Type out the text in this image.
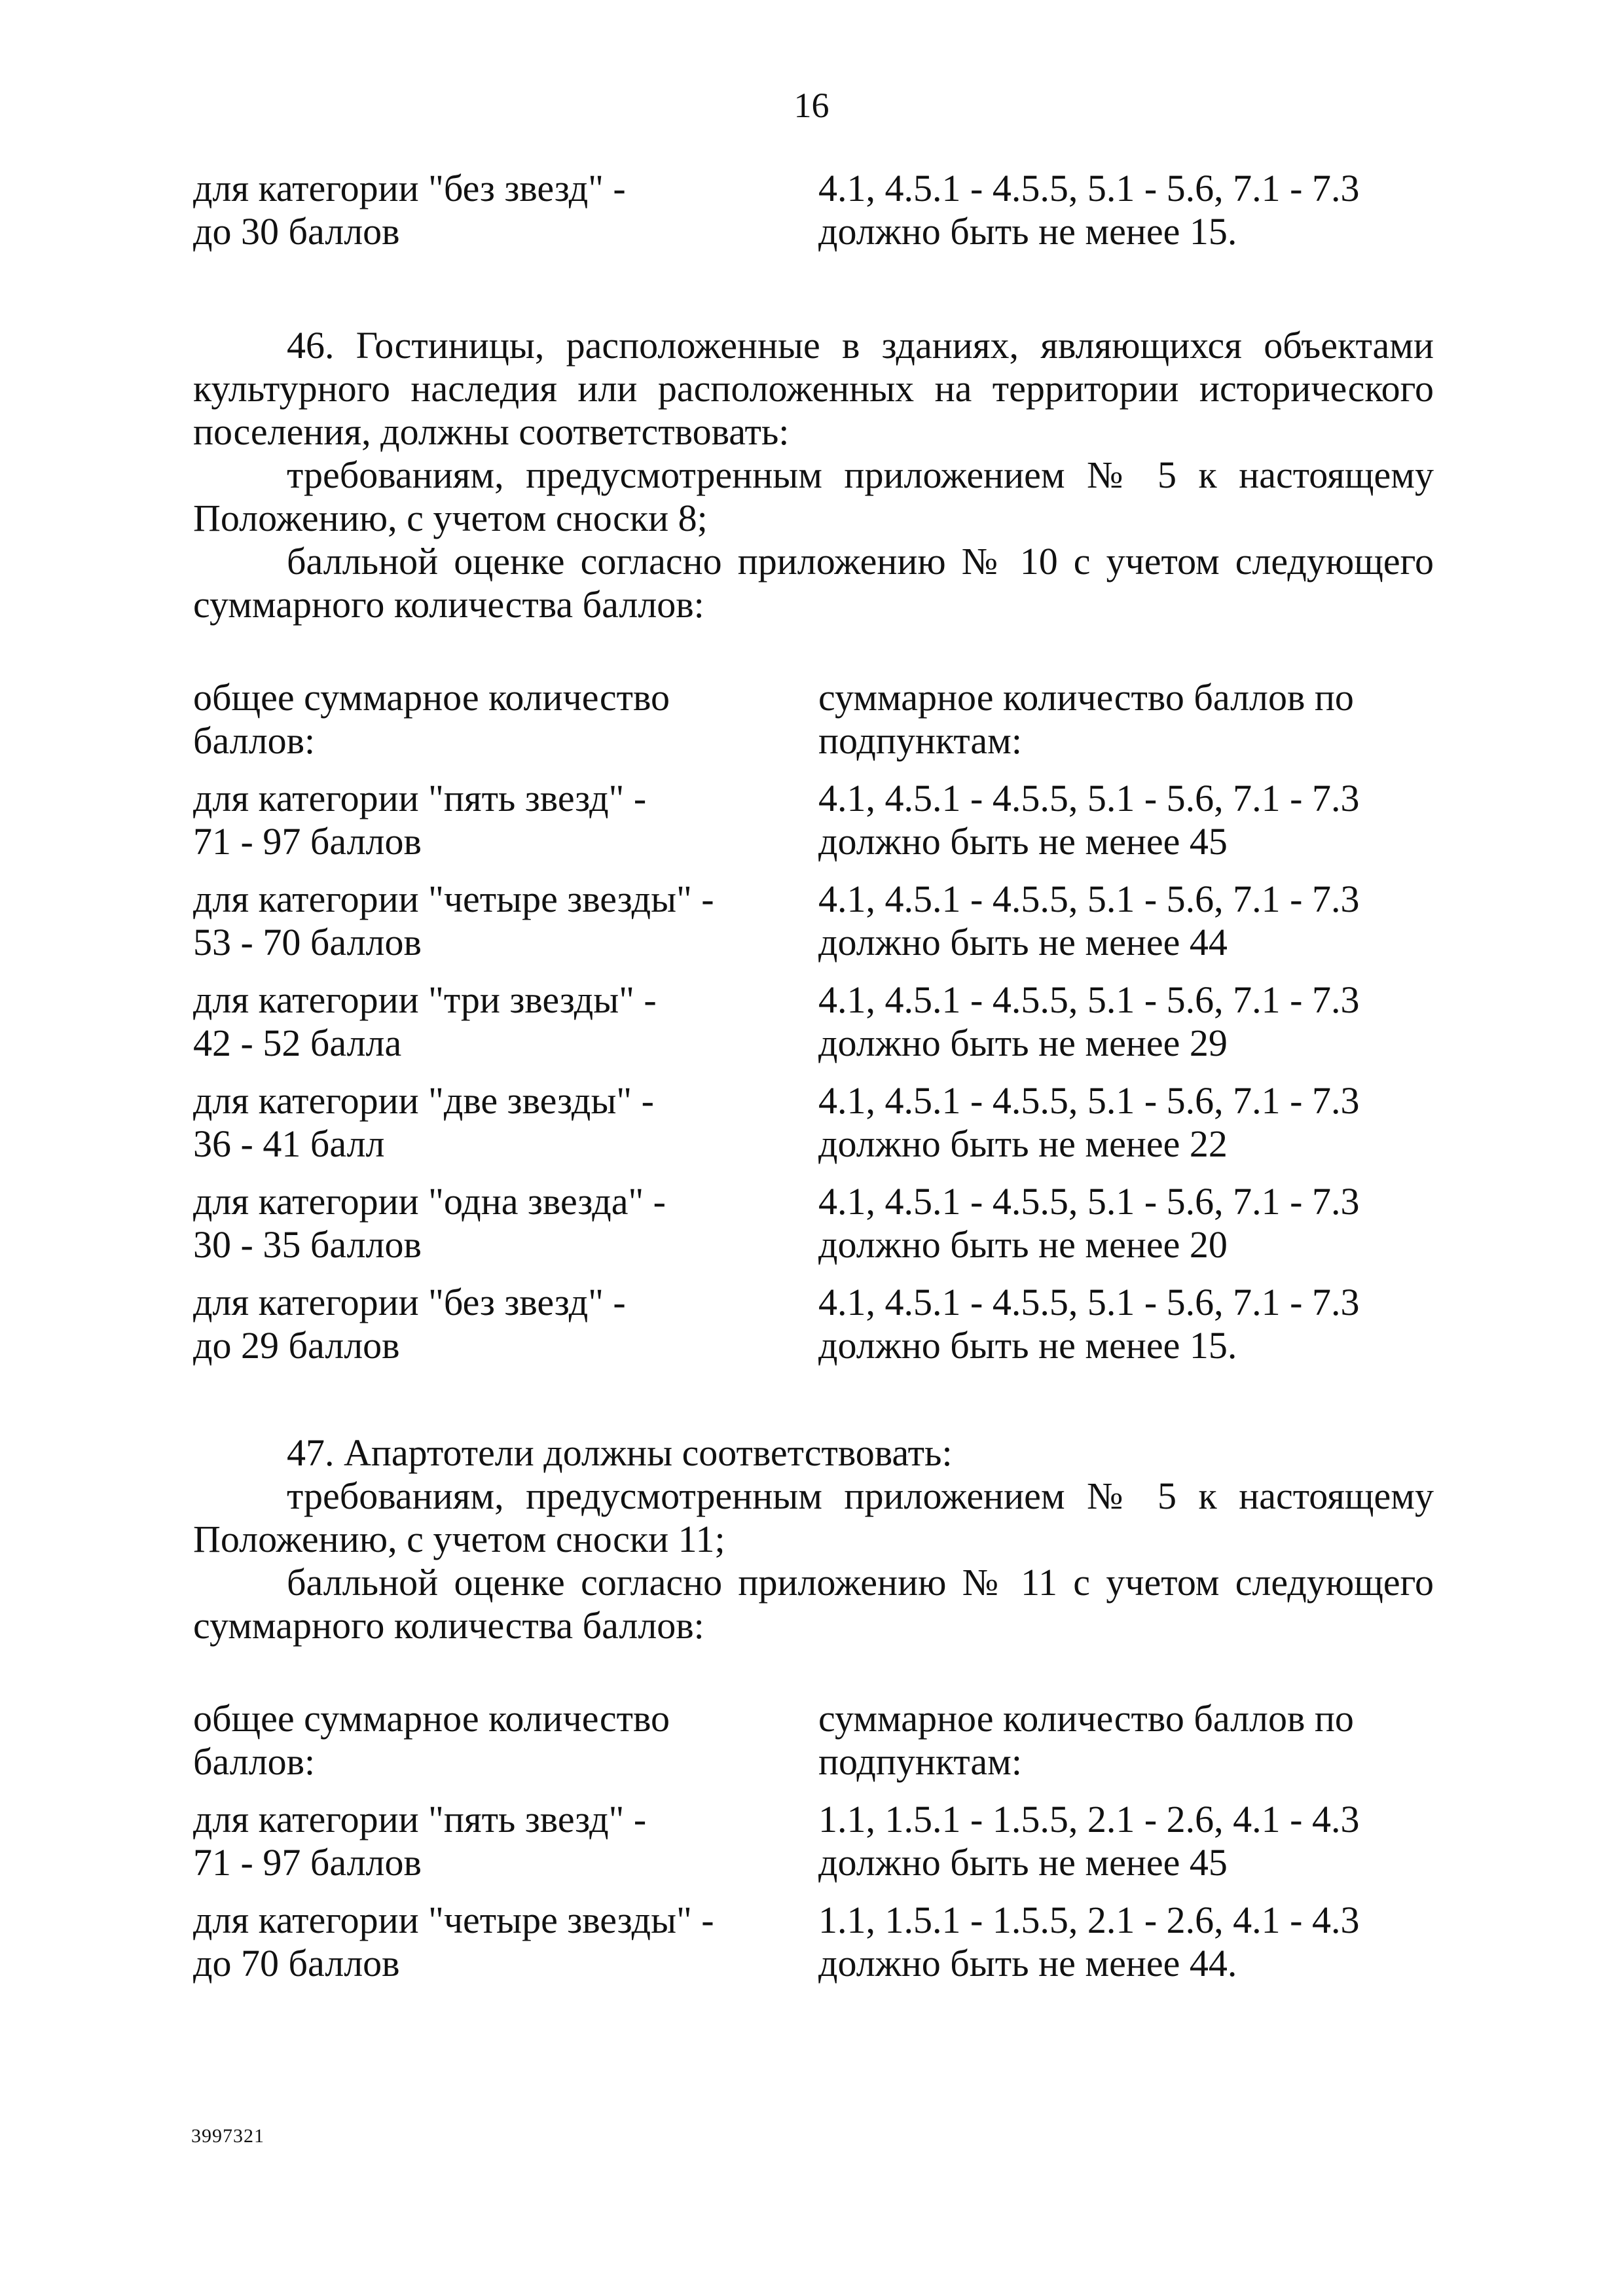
16
для категории "без звезд" -
до 30 баллов
4.1, 4.5.1 - 4.5.5, 5.1 - 5.6, 7.1 - 7.3
должно быть не менее 15.

46. Гостиницы, расположенные в зданиях, являющихся объектами культурного наследия или расположенных на территории исторического поселения, должны соответствовать:

требованиям, предусмотренным приложением № 5 к настоящему Положению, с учетом сноски 8;

балльной оценке согласно приложению № 10 с учетом следующего суммарного количества баллов:

общее суммарное количество
баллов:
суммарное количество баллов по
подпунктам:
для категории "пять звезд" -
71 - 97 баллов
4.1, 4.5.1 - 4.5.5, 5.1 - 5.6, 7.1 - 7.3
должно быть не менее 45
для категории "четыре звезды" -
53 - 70 баллов
4.1, 4.5.1 - 4.5.5, 5.1 - 5.6, 7.1 - 7.3
должно быть не менее 44
для категории "три звезды" -
42 - 52 балла
4.1, 4.5.1 - 4.5.5, 5.1 - 5.6, 7.1 - 7.3
должно быть не менее 29
для категории "две звезды" -
36 - 41 балл
4.1, 4.5.1 - 4.5.5, 5.1 - 5.6, 7.1 - 7.3
должно быть не менее 22
для категории "одна звезда" -
30 - 35 баллов
4.1, 4.5.1 - 4.5.5, 5.1 - 5.6, 7.1 - 7.3
должно быть не менее 20
для категории "без звезд" -
до 29 баллов
4.1, 4.5.1 - 4.5.5, 5.1 - 5.6, 7.1 - 7.3
должно быть не менее 15.

47. Апартотели должны соответствовать:

требованиям, предусмотренным приложением № 5 к настоящему Положению, с учетом сноски 11;

балльной оценке согласно приложению № 11 с учетом следующего суммарного количества баллов:

общее суммарное количество
баллов:
суммарное количество баллов по
подпунктам:
для категории "пять звезд" -
71 - 97 баллов
1.1, 1.5.1 - 1.5.5, 2.1 - 2.6, 4.1 - 4.3
должно быть не менее 45
для категории "четыре звезды" -
до 70 баллов
1.1, 1.5.1 - 1.5.5, 2.1 - 2.6, 4.1 - 4.3
должно быть не менее 44.
3997321
